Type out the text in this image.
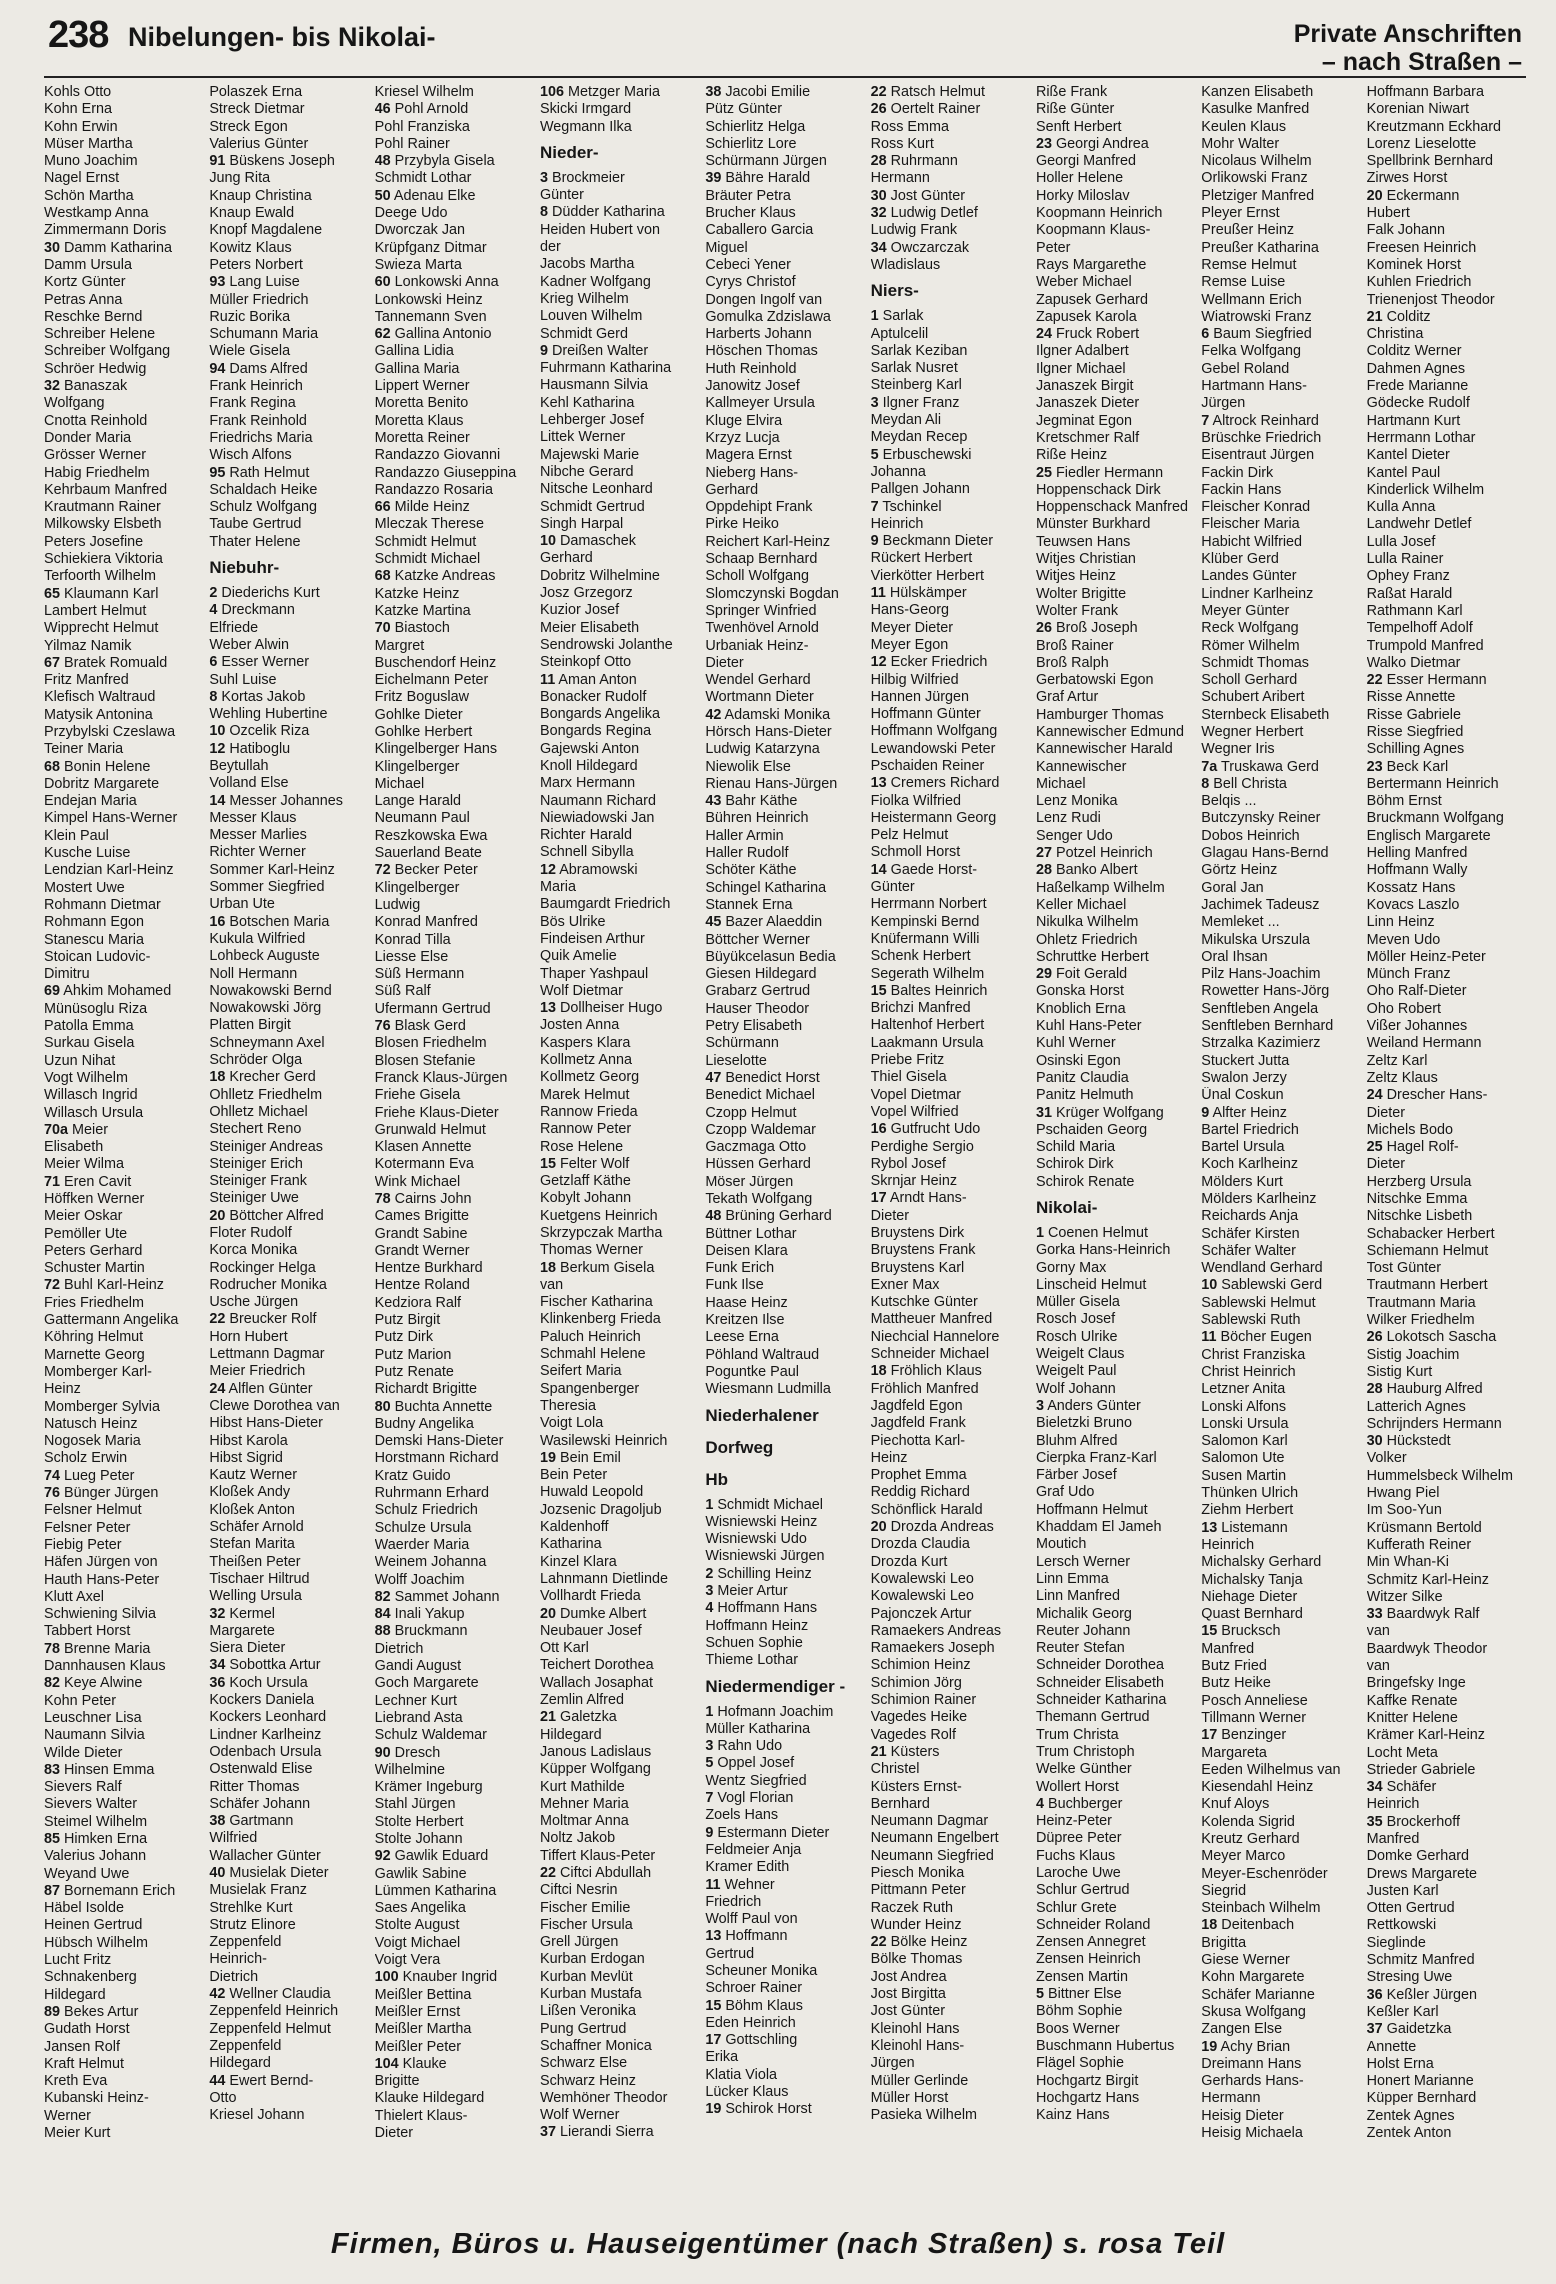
238 Nibelungen- bis Nikolai-	Private Anschriften
– nach Straßen –
Kohls Otto
Kohn Erna
Kohn Erwin
Müser Martha
Muno Joachim
Nagel Ernst
Schön Martha
Westkamp Anna
Zimmermann Doris
30 Damm Katharina
Damm Ursula
Kortz Günter
Petras Anna
Reschke Bernd
Schreiber Helene
Schreiber Wolfgang
Schröer Hedwig
32 Banaszak
Wolfgang
Cnotta Reinhold
Donder Maria
Grösser Werner
Habig Friedhelm
Kehrbaum Manfred
Krautmann Rainer
Milkowsky Elsbeth
Peters Josefine
Schiekiera Viktoria
Terfoorth Wilhelm
65 Klaumann Karl
Lambert Helmut
Wipprecht Helmut
Yilmaz Namik
67 Bratek Romuald
Fritz Manfred
Klefisch Waltraud
Matysik Antonina
Przybylski Czeslawa
Teiner Maria
68 Bonin Helene
Dobritz Margarete
Endejan Maria
Kimpel Hans-Werner
Klein Paul
Kusche Luise
Lendzian Karl-Heinz
Mostert Uwe
Rohmann Dietmar
Rohmann Egon
Stanescu Maria
Stoican Ludovic-
Dimitru
69 Ahkim Mohamed
Münüsoglu Riza
Patolla Emma
Surkau Gisela
Uzun Nihat
Vogt Wilhelm
Willasch Ingrid
Willasch Ursula
70a Meier
Elisabeth
Meier Wilma
71 Eren Cavit
Höffken Werner
Meier Oskar
Pemöller Ute
Peters Gerhard
Schuster Martin
72 Buhl Karl-Heinz
Fries Friedhelm
Gattermann Angelika
Köhring Helmut
Marnette Georg
Momberger Karl-
Heinz
Momberger Sylvia
Natusch Heinz
Nogosek Maria
Scholz Erwin
74 Lueg Peter
76 Bünger Jürgen
Felsner Helmut
Felsner Peter
Fiebig Peter
Häfen Jürgen von
Hauth Hans-Peter
Klutt Axel
Schwiening Silvia
Tabbert Horst
78 Brenne Maria
Dannhausen Klaus
82 Keye Alwine
Kohn Peter
Leuschner Lisa
Naumann Silvia
Wilde Dieter
83 Hinsen Emma
Sievers Ralf
Sievers Walter
Steimel Wilhelm
85 Himken Erna
Valerius Johann
Weyand Uwe
87 Bornemann Erich
Häbel Isolde
Heinen Gertrud
Hübsch Wilhelm
Lucht Fritz
Schnakenberg
Hildegard
89 Bekes Artur
Gudath Horst
Jansen Rolf
Kraft Helmut
Kreth Eva
Kubanski Heinz-
Werner
Meier Kurt
Polaszek Erna
Streck Dietmar
Streck Egon
Valerius Günter
91 Büskens Joseph
Jung Rita
Knaup Christina
Knaup Ewald
Knopf Magdalene
Kowitz Klaus
Peters Norbert
93 Lang Luise
Müller Friedrich
Ruzic Borika
Schumann Maria
Wiele Gisela
94 Dams Alfred
Frank Heinrich
Frank Regina
Frank Reinhold
Friedrichs Maria
Wisch Alfons
95 Rath Helmut
Schaldach Heike
Schulz Wolfgang
Taube Gertrud
Thater Helene
Niebuhr-
2 Diederichs Kurt
4 Dreckmann
Elfriede
Weber Alwin
6 Esser Werner
Suhl Luise
8 Kortas Jakob
Wehling Hubertine
10 Ozcelik Riza
12 Hatiboglu
Beytullah
Volland Else
14 Messer Johannes
Messer Klaus
Messer Marlies
Richter Werner
Sommer Karl-Heinz
Sommer Siegfried
Urban Ute
16 Botschen Maria
Kukula Wilfried
Lohbeck Auguste
Noll Hermann
Nowakowski Bernd
Nowakowski Jörg
Platten Birgit
Schneymann Axel
Schröder Olga
18 Krecher Gerd
Ohlletz Friedhelm
Ohlletz Michael
Stechert Reno
Steiniger Andreas
Steiniger Erich
Steiniger Frank
Steiniger Uwe
20 Böttcher Alfred
Floter Rudolf
Korca Monika
Rockinger Helga
Rodrucher Monika
Usche Jürgen
22 Breucker Rolf
Horn Hubert
Lettmann Dagmar
Meier Friedrich
24 Alflen Günter
Clewe Dorothea van
Hibst Hans-Dieter
Hibst Karola
Hibst Sigrid
Kautz Werner
Kloßek Andy
Kloßek Anton
Schäfer Arnold
Stefan Marita
Theißen Peter
Tischaer Hiltrud
Welling Ursula
32 Kermel
Margarete
Siera Dieter
34 Sobottka Artur
36 Koch Ursula
Kockers Daniela
Kockers Leonhard
Lindner Karlheinz
Odenbach Ursula
Ostenwald Elise
Ritter Thomas
Schäfer Johann
38 Gartmann
Wilfried
Wallacher Günter
40 Musielak Dieter
Musielak Franz
Strehlke Kurt
Strutz Elinore
Zeppenfeld
Heinrich-
Dietrich
42 Wellner Claudia
Zeppenfeld Heinrich
Zeppenfeld Helmut
Zeppenfeld
Hildegard
44 Ewert Bernd-
Otto
Kriesel Johann
Kriesel Wilhelm
46 Pohl Arnold
Pohl Franziska
Pohl Rainer
48 Przybyla Gisela
Schmidt Lothar
50 Adenau Elke
Deege Udo
Dworczak Jan
Krüpfganz Ditmar
Swieza Marta
60 Lonkowski Anna
Lonkowski Heinz
Tannemann Sven
62 Gallina Antonio
Gallina Lidia
Gallina Maria
Lippert Werner
Moretta Benito
Moretta Klaus
Moretta Reiner
Randazzo Giovanni
Randazzo Giuseppina
Randazzo Rosaria
66 Milde Heinz
Mleczak Therese
Schmidt Helmut
Schmidt Michael
68 Katzke Andreas
Katzke Heinz
Katzke Martina
70 Biastoch
Margret
Buschendorf Heinz
Eichelmann Peter
Fritz Boguslaw
Gohlke Dieter
Gohlke Herbert
Klingelberger Hans
Klingelberger
Michael
Lange Harald
Neumann Paul
Reszkowska Ewa
Sauerland Beate
72 Becker Peter
Klingelberger
Ludwig
Konrad Manfred
Konrad Tilla
Liesse Else
Süß Hermann
Süß Ralf
Ufermann Gertrud
76 Blask Gerd
Blosen Friedhelm
Blosen Stefanie
Franck Klaus-Jürgen
Friehe Gisela
Friehe Klaus-Dieter
Grunwald Helmut
Klasen Annette
Kotermann Eva
Wink Michael
78 Cairns John
Cames Brigitte
Grandt Sabine
Grandt Werner
Hentze Burkhard
Hentze Roland
Kedziora Ralf
Putz Birgit
Putz Dirk
Putz Marion
Putz Renate
Richardt Brigitte
80 Buchta Annette
Budny Angelika
Demski Hans-Dieter
Horstmann Richard
Kratz Guido
Ruhrmann Erhard
Schulz Friedrich
Schulze Ursula
Waerder Maria
Weinem Johanna
Wolff Joachim
82 Sammet Johann
84 Inali Yakup
88 Bruckmann
Dietrich
Gandi August
Goch Margarete
Lechner Kurt
Liebrand Asta
Schulz Waldemar
90 Dresch
Wilhelmine
Krämer Ingeburg
Stahl Jürgen
Stolte Herbert
Stolte Johann
92 Gawlik Eduard
Gawlik Sabine
Lümmen Katharina
Saes Angelika
Stolte August
Voigt Michael
Voigt Vera
100 Knauber Ingrid
Meißler Bettina
Meißler Ernst
Meißler Martha
Meißler Peter
104 Klauke
Brigitte
Klauke Hildegard
Thielert Klaus-
Dieter
106 Metzger Maria
Skicki Irmgard
Wegmann Ilka
Nieder-
3 Brockmeier
Günter
8 Düdder Katharina
Heiden Hubert von
der
Jacobs Martha
Kadner Wolfgang
Krieg Wilhelm
Louven Wilhelm
Schmidt Gerd
9 Dreißen Walter
Fuhrmann Katharina
Hausmann Silvia
Kehl Katharina
Lehberger Josef
Littek Werner
Majewski Marie
Nibche Gerard
Nitsche Leonhard
Schmidt Gertrud
Singh Harpal
10 Damaschek
Gerhard
Dobritz Wilhelmine
Josz Grzegorz
Kuzior Josef
Meier Elisabeth
Sendrowski Jolanthe
Steinkopf Otto
11 Aman Anton
Bonacker Rudolf
Bongards Angelika
Bongards Regina
Gajewski Anton
Knoll Hildegard
Marx Hermann
Naumann Richard
Niewiadowski Jan
Richter Harald
Schnell Sibylla
12 Abramowski
Maria
Baumgardt Friedrich
Bös Ulrike
Findeisen Arthur
Quik Amelie
Thaper Yashpaul
Wolf Dietmar
13 Dollheiser Hugo
Josten Anna
Kaspers Klara
Kollmetz Anna
Kollmetz Georg
Marek Helmut
Rannow Frieda
Rannow Peter
Rose Helene
15 Felter Wolf
Getzlaff Käthe
Kobylt Johann
Kuetgens Heinrich
Skrzypczak Martha
Thomas Werner
18 Berkum Gisela
van
Fischer Katharina
Klinkenberg Frieda
Paluch Heinrich
Schmahl Helene
Seifert Maria
Spangenberger
Theresia
Voigt Lola
Wasilewski Heinrich
19 Bein Emil
Bein Peter
Huwald Leopold
Jozsenic Dragoljub
Kaldenhoff
Katharina
Kinzel Klara
Lahnmann Dietlinde
Vollhardt Frieda
20 Dumke Albert
Neubauer Josef
Ott Karl
Teichert Dorothea
Wallach Josaphat
Zemlin Alfred
21 Galetzka
Hildegard
Janous Ladislaus
Küpper Wolfgang
Kurt Mathilde
Mehner Maria
Moltmar Anna
Noltz Jakob
Tiffert Klaus-Peter
22 Ciftci Abdullah
Ciftci Nesrin
Fischer Emilie
Fischer Ursula
Grell Jürgen
Kurban Erdogan
Kurban Mevlüt
Kurban Mustafa
Lißen Veronika
Pung Gertrud
Schaffner Monica
Schwarz Else
Schwarz Heinz
Wemhöner Theodor
Wolf Werner
37 Lierandi Sierra
38 Jacobi Emilie
Pütz Günter
Schierlitz Helga
Schierlitz Lore
Schürmann Jürgen
39 Bähre Harald
Bräuter Petra
Brucher Klaus
Caballero Garcia
Miguel
Cebeci Yener
Cyrys Christof
Dongen Ingolf van
Gomulka Zdzislawa
Harberts Johann
Höschen Thomas
Huth Reinhold
Janowitz Josef
Kallmeyer Ursula
Kluge Elvira
Krzyz Lucja
Magera Ernst
Nieberg Hans-
Gerhard
Oppdehipt Frank
Pirke Heiko
Reichert Karl-Heinz
Schaap Bernhard
Scholl Wolfgang
Slomczynski Bogdan
Springer Winfried
Twenhövel Arnold
Urbaniak Heinz-
Dieter
Wendel Gerhard
Wortmann Dieter
42 Adamski Monika
Hörsch Hans-Dieter
Ludwig Katarzyna
Niewolik Else
Rienau Hans-Jürgen
43 Bahr Käthe
Bühren Heinrich
Haller Armin
Haller Rudolf
Schöter Käthe
Schingel Katharina
Stannek Erna
45 Bazer Alaeddin
Böttcher Werner
Büyükcelasun Bedia
Giesen Hildegard
Grabarz Gertrud
Hauser Theodor
Petry Elisabeth
Schürmann
Lieselotte
47 Benedict Horst
Benedict Michael
Czopp Helmut
Czopp Waldemar
Gaczmaga Otto
Hüssen Gerhard
Möser Jürgen
Tekath Wolfgang
48 Brüning Gerhard
Büttner Lothar
Deisen Klara
Funk Erich
Funk Ilse
Haase Heinz
Kreitzen Ilse
Leese Erna
Pöhland Waltraud
Poguntke Paul
Wiesmann Ludmilla
Niederhalener
Dorfweg
Hb
1 Schmidt Michael
Wisniewski Heinz
Wisniewski Udo
Wisniewski Jürgen
2 Schilling Heinz
3 Meier Artur
4 Hoffmann Hans
Hoffmann Heinz
Schuen Sophie
Thieme Lothar
Niedermendiger -
1 Hofmann Joachim
Müller Katharina
3 Rahn Udo
5 Oppel Josef
Wentz Siegfried
7 Vogl Florian
Zoels Hans
9 Estermann Dieter
Feldmeier Anja
Kramer Edith
11 Wehner
Friedrich
Wolff Paul von
13 Hoffmann
Gertrud
Scheuner Monika
Schroer Rainer
15 Böhm Klaus
Eden Heinrich
17 Gottschling
Erika
Klatia Viola
Lücker Klaus
19 Schirok Horst
22 Ratsch Helmut
26 Oertelt Rainer
Ross Emma
Ross Kurt
28 Ruhrmann
Hermann
30 Jost Günter
32 Ludwig Detlef
Ludwig Frank
34 Owczarczak
Wladislaus
Niers-
1 Sarlak
Aptulcelil
Sarlak Keziban
Sarlak Nusret
Steinberg Karl
3 Ilgner Franz
Meydan Ali
Meydan Recep
5 Erbuschewski
Johanna
Pallgen Johann
7 Tschinkel
Heinrich
9 Beckmann Dieter
Rückert Herbert
Vierkötter Herbert
11 Hülskämper
Hans-Georg
Meyer Dieter
Meyer Egon
12 Ecker Friedrich
Hilbig Wilfried
Hannen Jürgen
Hoffmann Günter
Hoffmann Wolfgang
Lewandowski Peter
Pschaiden Reiner
13 Cremers Richard
Fiolka Wilfried
Heistermann Georg
Pelz Helmut
Schmoll Horst
14 Gaede Horst-
Günter
Herrmann Norbert
Kempinski Bernd
Knüfermann Willi
Schenk Herbert
Segerath Wilhelm
15 Baltes Heinrich
Brichzi Manfred
Haltenhof Herbert
Laakmann Ursula
Priebe Fritz
Thiel Gisela
Vopel Dietmar
Vopel Wilfried
16 Gutfrucht Udo
Perdighe Sergio
Rybol Josef
Skrnjar Heinz
17 Arndt Hans-
Dieter
Bruystens Dirk
Bruystens Frank
Bruystens Karl
Exner Max
Kutschke Günter
Mattheuer Manfred
Niechcial Hannelore
Schneider Michael
18 Fröhlich Klaus
Fröhlich Manfred
Jagdfeld Egon
Jagdfeld Frank
Piechotta Karl-
Heinz
Prophet Emma
Reddig Richard
Schönflick Harald
20 Drozda Andreas
Drozda Claudia
Drozda Kurt
Kowalewski Leo
Kowalewski Leo
Pajonczek Artur
Ramaekers Andreas
Ramaekers Joseph
Schimion Heinz
Schimion Jörg
Schimion Rainer
Vagedes Heike
Vagedes Rolf
21 Küsters
Christel
Küsters Ernst-
Bernhard
Neumann Dagmar
Neumann Engelbert
Neumann Siegfried
Piesch Monika
Pittmann Peter
Raczek Ruth
Wunder Heinz
22 Bölke Heinz
Bölke Thomas
Jost Andrea
Jost Birgitta
Jost Günter
Kleinohl Hans
Kleinohl Hans-
Jürgen
Müller Gerlinde
Müller Horst
Pasieka Wilhelm
Riße Frank
Riße Günter
Senft Herbert
23 Georgi Andrea
Georgi Manfred
Holler Helene
Horky Miloslav
Koopmann Heinrich
Koopmann Klaus-
Peter
Rays Margarethe
Weber Michael
Zapusek Gerhard
Zapusek Karola
24 Fruck Robert
Ilgner Adalbert
Ilgner Michael
Janaszek Birgit
Janaszek Dieter
Jegminat Egon
Kretschmer Ralf
Riße Heinz
25 Fiedler Hermann
Hoppenschack Dirk
Hoppenschack Manfred
Münster Burkhard
Teuwsen Hans
Witjes Christian
Witjes Heinz
Wolter Brigitte
Wolter Frank
26 Broß Joseph
Broß Rainer
Broß Ralph
Gerbatowski Egon
Graf Artur
Hamburger Thomas
Kannewischer Edmund
Kannewischer Harald
Kannewischer
Michael
Lenz Monika
Lenz Rudi
Senger Udo
27 Potzel Heinrich
28 Banko Albert
Haßelkamp Wilhelm
Keller Michael
Nikulka Wilhelm
Ohletz Friedrich
Schruttke Herbert
29 Foit Gerald
Gonska Horst
Knoblich Erna
Kuhl Hans-Peter
Kuhl Werner
Osinski Egon
Panitz Claudia
Panitz Helmuth
31 Krüger Wolfgang
Pschaiden Georg
Schild Maria
Schirok Dirk
Schirok Renate
Nikolai-
1 Coenen Helmut
Gorka Hans-Heinrich
Gorny Max
Linscheid Helmut
Müller Gisela
Rosch Josef
Rosch Ulrike
Weigelt Claus
Weigelt Paul
Wolf Johann
3 Anders Günter
Bieletzki Bruno
Bluhm Alfred
Cierpka Franz-Karl
Färber Josef
Graf Udo
Hoffmann Helmut
Khaddam El Jameh
Moutich
Lersch Werner
Linn Emma
Linn Manfred
Michalik Georg
Reuter Johann
Reuter Stefan
Schneider Dorothea
Schneider Elisabeth
Schneider Katharina
Themann Gertrud
Trum Christa
Trum Christoph
Welke Günther
Wollert Horst
4 Buchberger
Heinz-Peter
Düpree Peter
Fuchs Klaus
Laroche Uwe
Schlur Gertrud
Schlur Grete
Schneider Roland
Zensen Annegret
Zensen Heinrich
Zensen Martin
5 Bittner Else
Böhm Sophie
Boos Werner
Buschmann Hubertus
Flägel Sophie
Hochgartz Birgit
Hochgartz Hans
Kainz Hans
Kanzen Elisabeth
Kasulke Manfred
Keulen Klaus
Mohr Walter
Nicolaus Wilhelm
Orlikowski Franz
Pletziger Manfred
Pleyer Ernst
Preußer Heinz
Preußer Katharina
Remse Helmut
Remse Luise
Wellmann Erich
Wiatrowski Franz
6 Baum Siegfried
Felka Wolfgang
Gebel Roland
Hartmann Hans-
Jürgen
7 Altrock Reinhard
Brüschke Friedrich
Eisentraut Jürgen
Fackin Dirk
Fackin Hans
Fleischer Konrad
Fleischer Maria
Habicht Wilfried
Klüber Gerd
Landes Günter
Lindner Karlheinz
Meyer Günter
Reck Wolfgang
Römer Wilhelm
Schmidt Thomas
Scholl Gerhard
Schubert Aribert
Sternbeck Elisabeth
Wegner Herbert
Wegner Iris
7a Truskawa Gerd
8 Bell Christa
Belqis ...
Butczynsky Reiner
Dobos Heinrich
Glagau Hans-Bernd
Görtz Heinz
Goral Jan
Jachimek Tadeusz
Memleket ...
Mikulska Urszula
Oral Ihsan
Pilz Hans-Joachim
Rowetter Hans-Jörg
Senftleben Angela
Senftleben Bernhard
Strzalka Kazimierz
Stuckert Jutta
Swalon Jerzy
Ünal Coskun
9 Alfter Heinz
Bartel Friedrich
Bartel Ursula
Koch Karlheinz
Mölders Kurt
Mölders Karlheinz
Reichards Anja
Schäfer Kirsten
Schäfer Walter
Wendland Gerhard
10 Sablewski Gerd
Sablewski Helmut
Sablewski Ruth
11 Böcher Eugen
Christ Franziska
Christ Heinrich
Letzner Anita
Lonski Alfons
Lonski Ursula
Salomon Karl
Salomon Ute
Susen Martin
Thünken Ulrich
Ziehm Herbert
13 Listemann
Heinrich
Michalsky Gerhard
Michalsky Tanja
Niehage Dieter
Quast Bernhard
15 Brucksch
Manfred
Butz Fried
Butz Heike
Posch Anneliese
Tillmann Werner
17 Benzinger
Margareta
Eeden Wilhelmus van
Kiesendahl Heinz
Knuf Aloys
Kolenda Sigrid
Kreutz Gerhard
Meyer Marco
Meyer-Eschenröder
Siegrid
Steinbach Wilhelm
18 Deitenbach
Brigitta
Giese Werner
Kohn Margarete
Schäfer Marianne
Skusa Wolfgang
Zangen Else
19 Achy Brian
Dreimann Hans
Gerhards Hans-
Hermann
Heisig Dieter
Heisig Michaela
Hoffmann Barbara
Korenian Niwart
Kreutzmann Eckhard
Lorenz Lieselotte
Spellbrink Bernhard
Zirwes Horst
20 Eckermann
Hubert
Falk Johann
Freesen Heinrich
Kominek Horst
Kuhlen Friedrich
Trienenjost Theodor
21 Colditz
Christina
Colditz Werner
Dahmen Agnes
Frede Marianne
Gödecke Rudolf
Hartmann Kurt
Herrmann Lothar
Kantel Dieter
Kantel Paul
Kinderlick Wilhelm
Kulla Anna
Landwehr Detlef
Lulla Josef
Lulla Rainer
Ophey Franz
Raßat Harald
Rathmann Karl
Tempelhoff Adolf
Trumpold Manfred
Walko Dietmar
22 Esser Hermann
Risse Annette
Risse Gabriele
Risse Siegfried
Schilling Agnes
23 Beck Karl
Bertermann Heinrich
Böhm Ernst
Bruckmann Wolfgang
Englisch Margarete
Helling Manfred
Hoffmann Wally
Kossatz Hans
Kovacs Laszlo
Linn Heinz
Meven Udo
Möller Heinz-Peter
Münch Franz
Oho Ralf-Dieter
Oho Robert
Vißer Johannes
Weiland Hermann
Zeltz Karl
Zeltz Klaus
24 Drescher Hans-
Dieter
Michels Bodo
25 Hagel Rolf-
Dieter
Herzberg Ursula
Nitschke Emma
Nitschke Lisbeth
Schabacker Herbert
Schiemann Helmut
Tost Günter
Trautmann Herbert
Trautmann Maria
Wilker Friedhelm
26 Lokotsch Sascha
Sistig Joachim
Sistig Kurt
28 Hauburg Alfred
Latterich Agnes
Schrijnders Hermann
30 Hückstedt
Volker
Hummelsbeck Wilhelm
Hwang Piel
Im Soo-Yun
Krüsmann Bertold
Kufferath Reiner
Min Whan-Ki
Schmitz Karl-Heinz
Witzer Silke
33 Baardwyk Ralf
van
Baardwyk Theodor
van
Bringefsky Inge
Kaffke Renate
Knitter Helene
Krämer Karl-Heinz
Locht Meta
Strieder Gabriele
34 Schäfer
Heinrich
35 Brockerhoff
Manfred
Domke Gerhard
Drews Margarete
Justen Karl
Otten Gertrud
Rettkowski
Sieglinde
Schmitz Manfred
Stresing Uwe
36 Keßler Jürgen
Keßler Karl
37 Gaidetzka
Annette
Holst Erna
Honert Marianne
Küpper Bernhard
Zentek Agnes
Zentek Anton
Firmen, Büros u. Hauseigentümer (nach Straßen) s. rosa Teil
